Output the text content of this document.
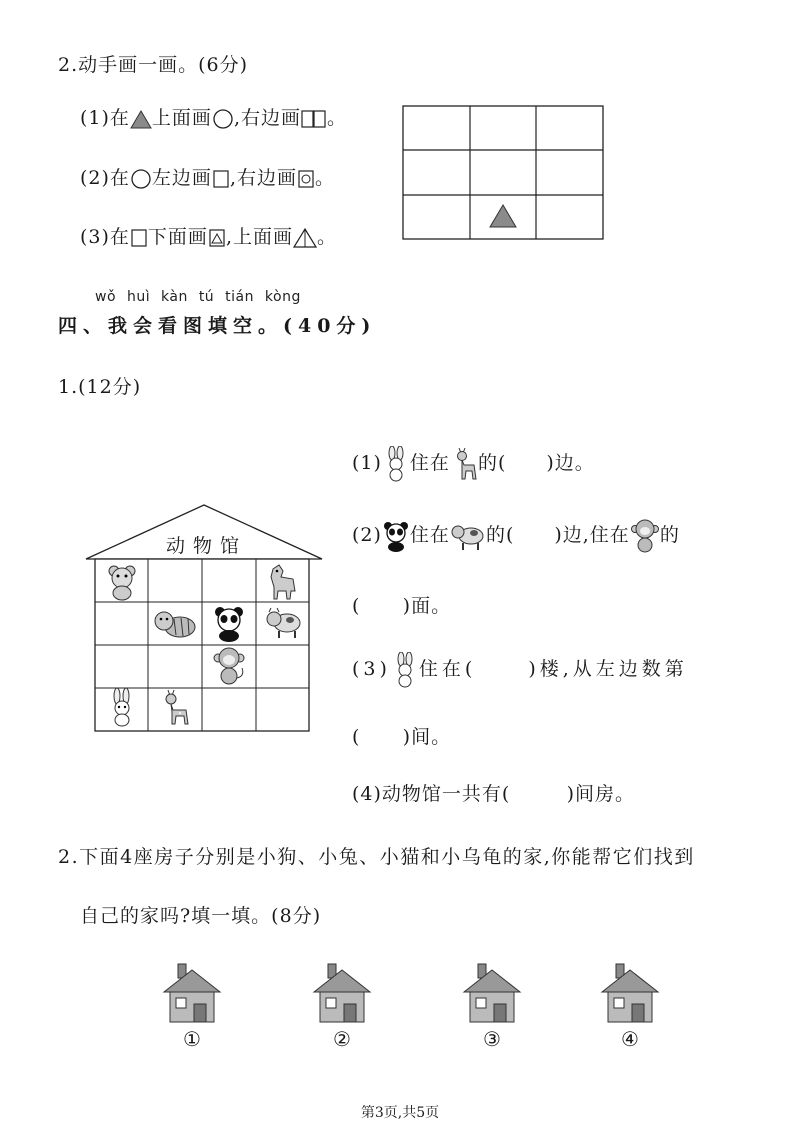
2.动手画一画。(6分)
(1)在 上面画 ,右边画 。
(2)在 左边画 ,右边画 。
(3)在 下面画 ,上面画 。
wǒ huì kàn tú tián kòng
四、我会看图填空。(40分)
1.(12分)
动物馆
(1) 住在 的( )边。
(2) 住在 的( )边,住在 的
(      )面。
(3) 住在(	)楼,从左边数第
(      )间。
(4)动物馆一共有(        )间房。
2.下面4座房子分别是小狗、小兔、小猫和小乌龟的家,你能帮它们找到
自己的家吗?填一填。(8分)
①	②	③	④
第3页,共5页
